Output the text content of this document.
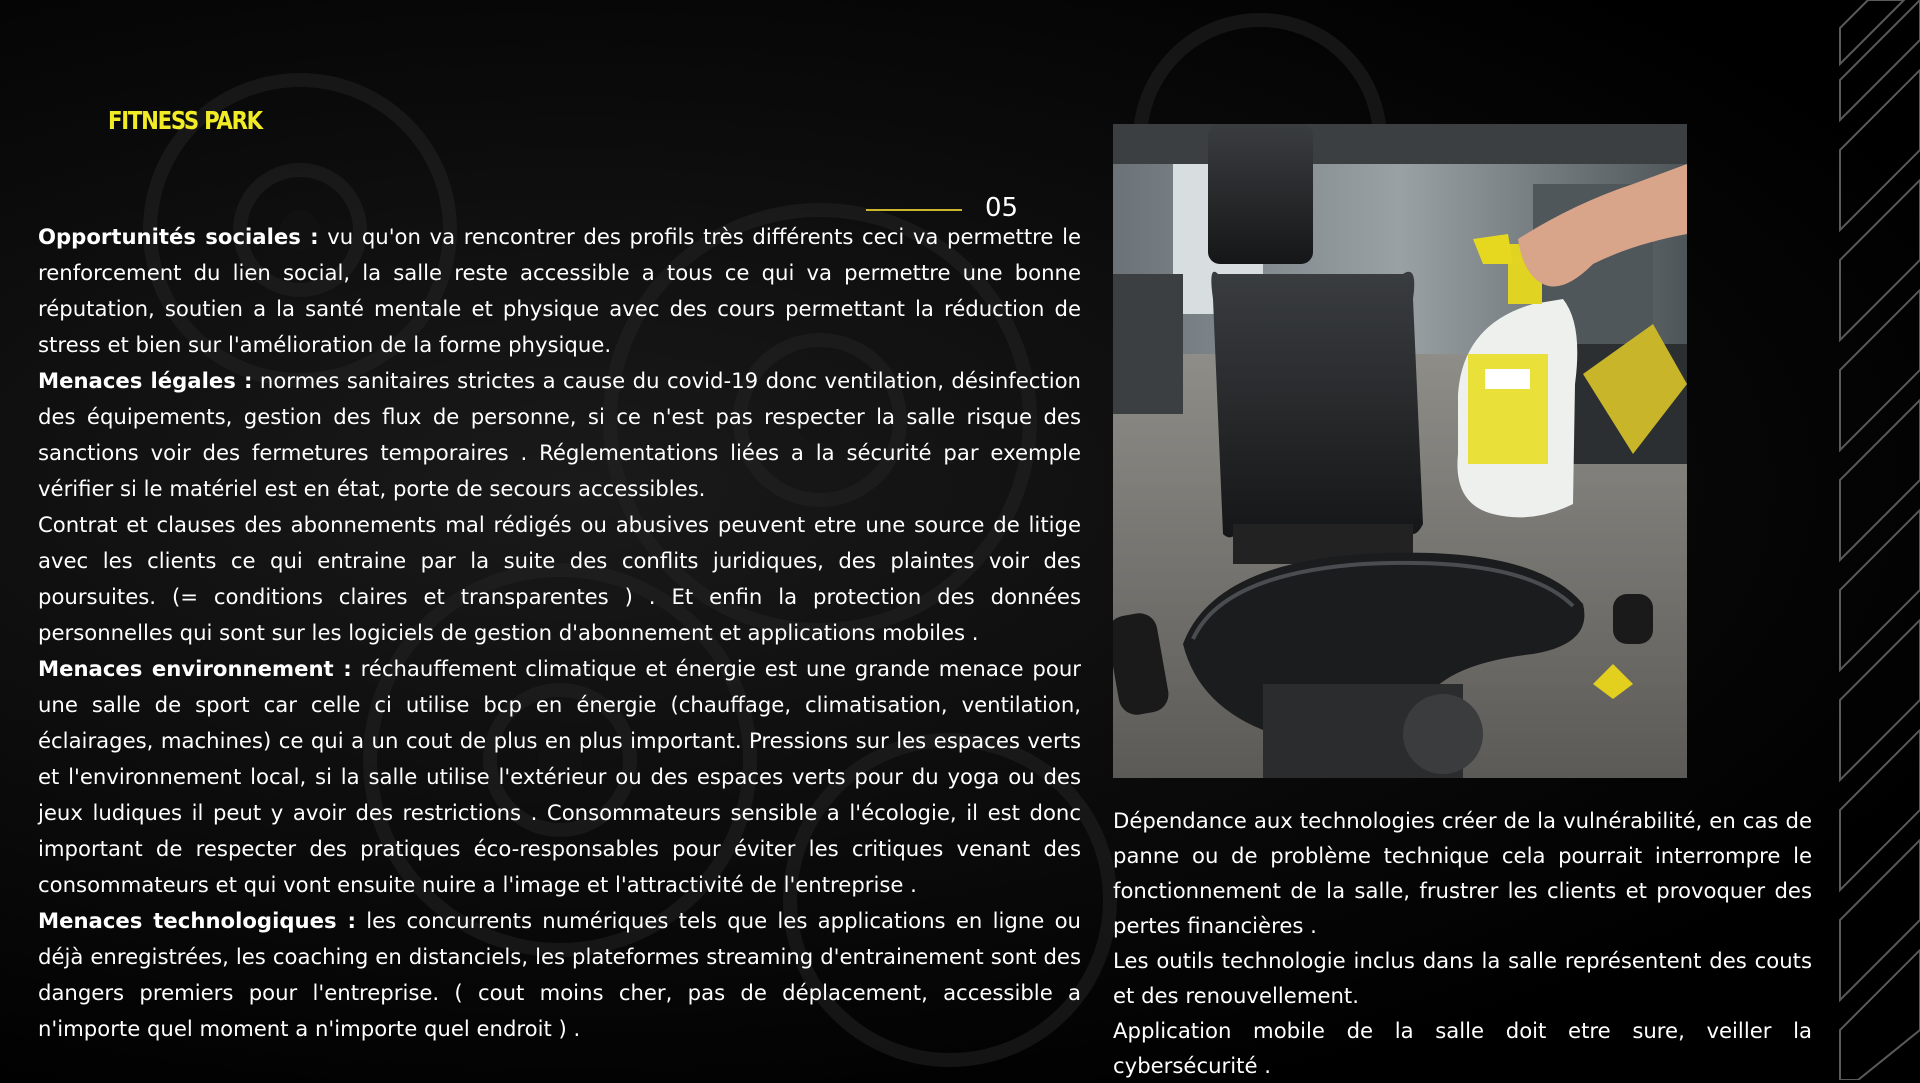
FITNESS PARK
05

Opportunités sociales : vu qu'on va rencontrer des profils très différents ceci va permettre le renforcement du lien social, la salle reste accessible a tous ce qui va permettre une bonne réputation, soutien a la santé mentale et physique avec des cours permettant la réduction de stress et bien sur l'amélioration de la forme physique.

Menaces légales : normes sanitaires strictes a cause du covid-19 donc ventilation, désinfection des équipements, gestion des flux de personne, si ce n'est pas respecter la salle risque des sanctions voir des fermetures temporaires . Réglementations liées a la sécurité par exemple vérifier si le matériel est en état, porte de secours accessibles.

Contrat et clauses des abonnements mal rédigés ou abusives peuvent etre une source de litige avec les clients ce qui entraine par la suite des conflits juridiques, des plaintes voir des poursuites. (= conditions claires et transparentes ) . Et enfin la protection des données personnelles qui sont sur les logiciels de gestion d'abonnement et applications mobiles .

Menaces environnement : réchauffement climatique et énergie est une grande menace pour une salle de sport car celle ci utilise bcp en énergie (chauffage, climatisation, ventilation, éclairages, machines) ce qui a un cout de plus en plus important. Pressions sur les espaces verts et l'environnement local, si la salle utilise l'extérieur ou des espaces verts pour du yoga ou des jeux ludiques il peut y avoir des restrictions . Consommateurs sensible a l'écologie, il est donc important de respecter des pratiques éco-responsables pour éviter les critiques venant des consommateurs et qui vont ensuite nuire a l'image et l'attractivité de l'entreprise .

Menaces technologiques : les concurrents numériques tels que les applications en ligne ou déjà enregistrées, les coaching en distanciels, les plateformes streaming d'entrainement sont des dangers premiers pour l'entreprise. ( cout moins cher, pas de déplacement, accessible a n'importe quel moment a n'importe quel endroit ) .

Dépendance aux technologies créer de la vulnérabilité, en cas de panne ou de problème technique cela pourrait interrompre le fonctionnement de la salle, frustrer les clients et provoquer des pertes financières .

Les outils technologie inclus dans la salle représentent des couts et des renouvellement.

Application mobile de la salle doit etre sure, veiller la cybersécurité .
